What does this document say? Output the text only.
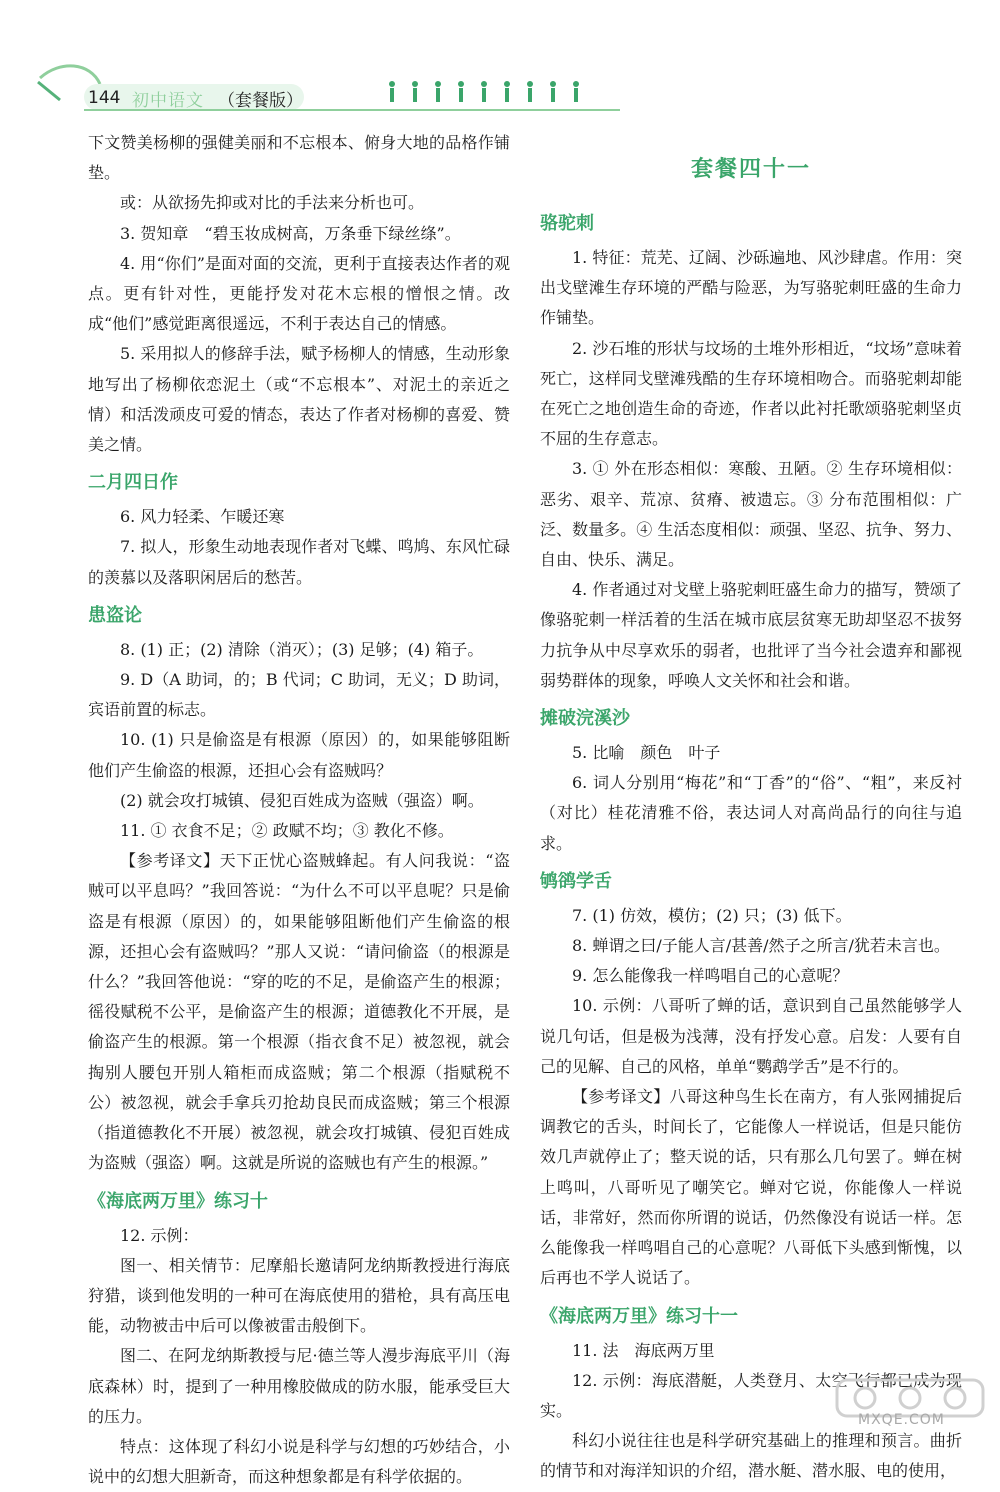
144 初中语文 （套餐版）

下文赞美杨柳的强健美丽和不忘根本、俯身大地的品格作铺垫。

或：从欲扬先抑或对比的手法来分析也可。

3. 贺知章　“碧玉妆成树高，万条垂下绿丝绦”。

4. 用“你们”是面对面的交流，更利于直接表达作者的观点。更有针对性，更能抒发对花木忘根的憎恨之情。改成“他们”感觉距离很遥远，不利于表达自己的情感。

5. 采用拟人的修辞手法，赋予杨柳人的情感，生动形象地写出了杨柳依恋泥土（或“不忘根本”、对泥土的亲近之情）和活泼顽皮可爱的情态，表达了作者对杨柳的喜爱、赞美之情。

二月四日作

6. 风力轻柔、乍暖还寒

7. 拟人，形象生动地表现作者对飞蝶、鸣鸠、东风忙碌的羡慕以及落职闲居后的愁苦。

患盗论

8. (1) 正；(2) 清除（消灭）；(3) 足够；(4) 箱子。

9. D（A 助词，的；B 代词；C 助词，无义；D 助词，宾语前置的标志。

10. (1) 只是偷盗是有根源（原因）的，如果能够阻断他们产生偷盗的根源，还担心会有盗贼吗？

(2) 就会攻打城镇、侵犯百姓成为盗贼（强盗）啊。

11. ① 衣食不足；② 政赋不均；③ 教化不修。

【参考译文】天下正忧心盗贼蜂起。有人问我说：“盗贼可以平息吗？”我回答说：“为什么不可以平息呢？只是偷盗是有根源（原因）的，如果能够阻断他们产生偷盗的根源，还担心会有盗贼吗？”那人又说：“请问偷盗（的根源是什么？”我回答他说：“穿的吃的不足，是偷盗产生的根源；徭役赋税不公平，是偷盗产生的根源；道德教化不开展，是偷盗产生的根源。第一个根源（指衣食不足）被忽视，就会掏别人腰包开别人箱柜而成盗贼；第二个根源（指赋税不公）被忽视，就会手拿兵刃抢劫良民而成盗贼；第三个根源（指道德教化不开展）被忽视，就会攻打城镇、侵犯百姓成为盗贼（强盗）啊。这就是所说的盗贼也有产生的根源。”

《海底两万里》练习十

12. 示例：

图一、相关情节：尼摩船长邀请阿龙纳斯教授进行海底狩猎，谈到他发明的一种可在海底使用的猎枪，具有高压电能，动物被击中后可以像被雷击般倒下。

图二、在阿龙纳斯教授与尼·德兰等人漫步海底平川（海底森林）时，提到了一种用橡胶做成的防水服，能承受巨大的压力。

特点：这体现了科幻小说是科学与幻想的巧妙结合，小说中的幻想大胆新奇，而这种想象都是有科学依据的。

套餐四十一
骆驼刺

1. 特征：荒芜、辽阔、沙砾遍地、风沙肆虐。作用：突出戈壁滩生存环境的严酷与险恶，为写骆驼刺旺盛的生命力作铺垫。

2. 沙石堆的形状与坟场的土堆外形相近，“坟场”意味着死亡，这样同戈壁滩残酷的生存环境相吻合。而骆驼刺却能在死亡之地创造生命的奇迹，作者以此衬托歌颂骆驼刺坚贞不屈的生存意志。

3. ① 外在形态相似：寒酸、丑陋。② 生存环境相似：恶劣、艰辛、荒凉、贫瘠、被遗忘。③ 分布范围相似：广泛、数量多。④ 生活态度相似：顽强、坚忍、抗争、努力、自由、快乐、满足。

4. 作者通过对戈壁上骆驼刺旺盛生命力的描写，赞颂了像骆驼刺一样活着的生活在城市底层贫寒无助却坚忍不拔努力抗争从中尽享欢乐的弱者，也批评了当今社会遗弃和鄙视弱势群体的现象，呼唤人文关怀和社会和谐。

摊破浣溪沙

5. 比喻　颜色　叶子

6. 词人分别用“梅花”和“丁香”的“俗”、“粗”，来反衬（对比）桂花清雅不俗，表达词人对高尚品行的向往与追求。

鸲鹆学舌

7. (1) 仿效，模仿；(2) 只；(3) 低下。

8. 蝉谓之曰/子能人言/甚善/然子之所言/犹若未言也。

9. 怎么能像我一样鸣唱自己的心意呢？

10. 示例：八哥听了蝉的话，意识到自己虽然能够学人说几句话，但是极为浅薄，没有抒发心意。启发：人要有自己的见解、自己的风格，单单“鹦鹉学舌”是不行的。

【参考译文】八哥这种鸟生长在南方，有人张网捕捉后调教它的舌头，时间长了，它能像人一样说话，但是只能仿效几声就停止了；整天说的话，只有那么几句罢了。蝉在树上鸣叫，八哥听见了嘲笑它。蝉对它说，你能像人一样说话，非常好，然而你所谓的说话，仍然像没有说话一样。怎么能像我一样鸣唱自己的心意呢？八哥低下头感到惭愧，以后再也不学人说话了。

《海底两万里》练习十一

11. 法　海底两万里

12. 示例：海底潜艇，人类登月、太空飞行都已成为现实。

科幻小说往往也是科学研究基础上的推理和预言。曲折的情节和对海洋知识的介绍，潜水艇、潜水服、电的使用，

MXQE.COM
